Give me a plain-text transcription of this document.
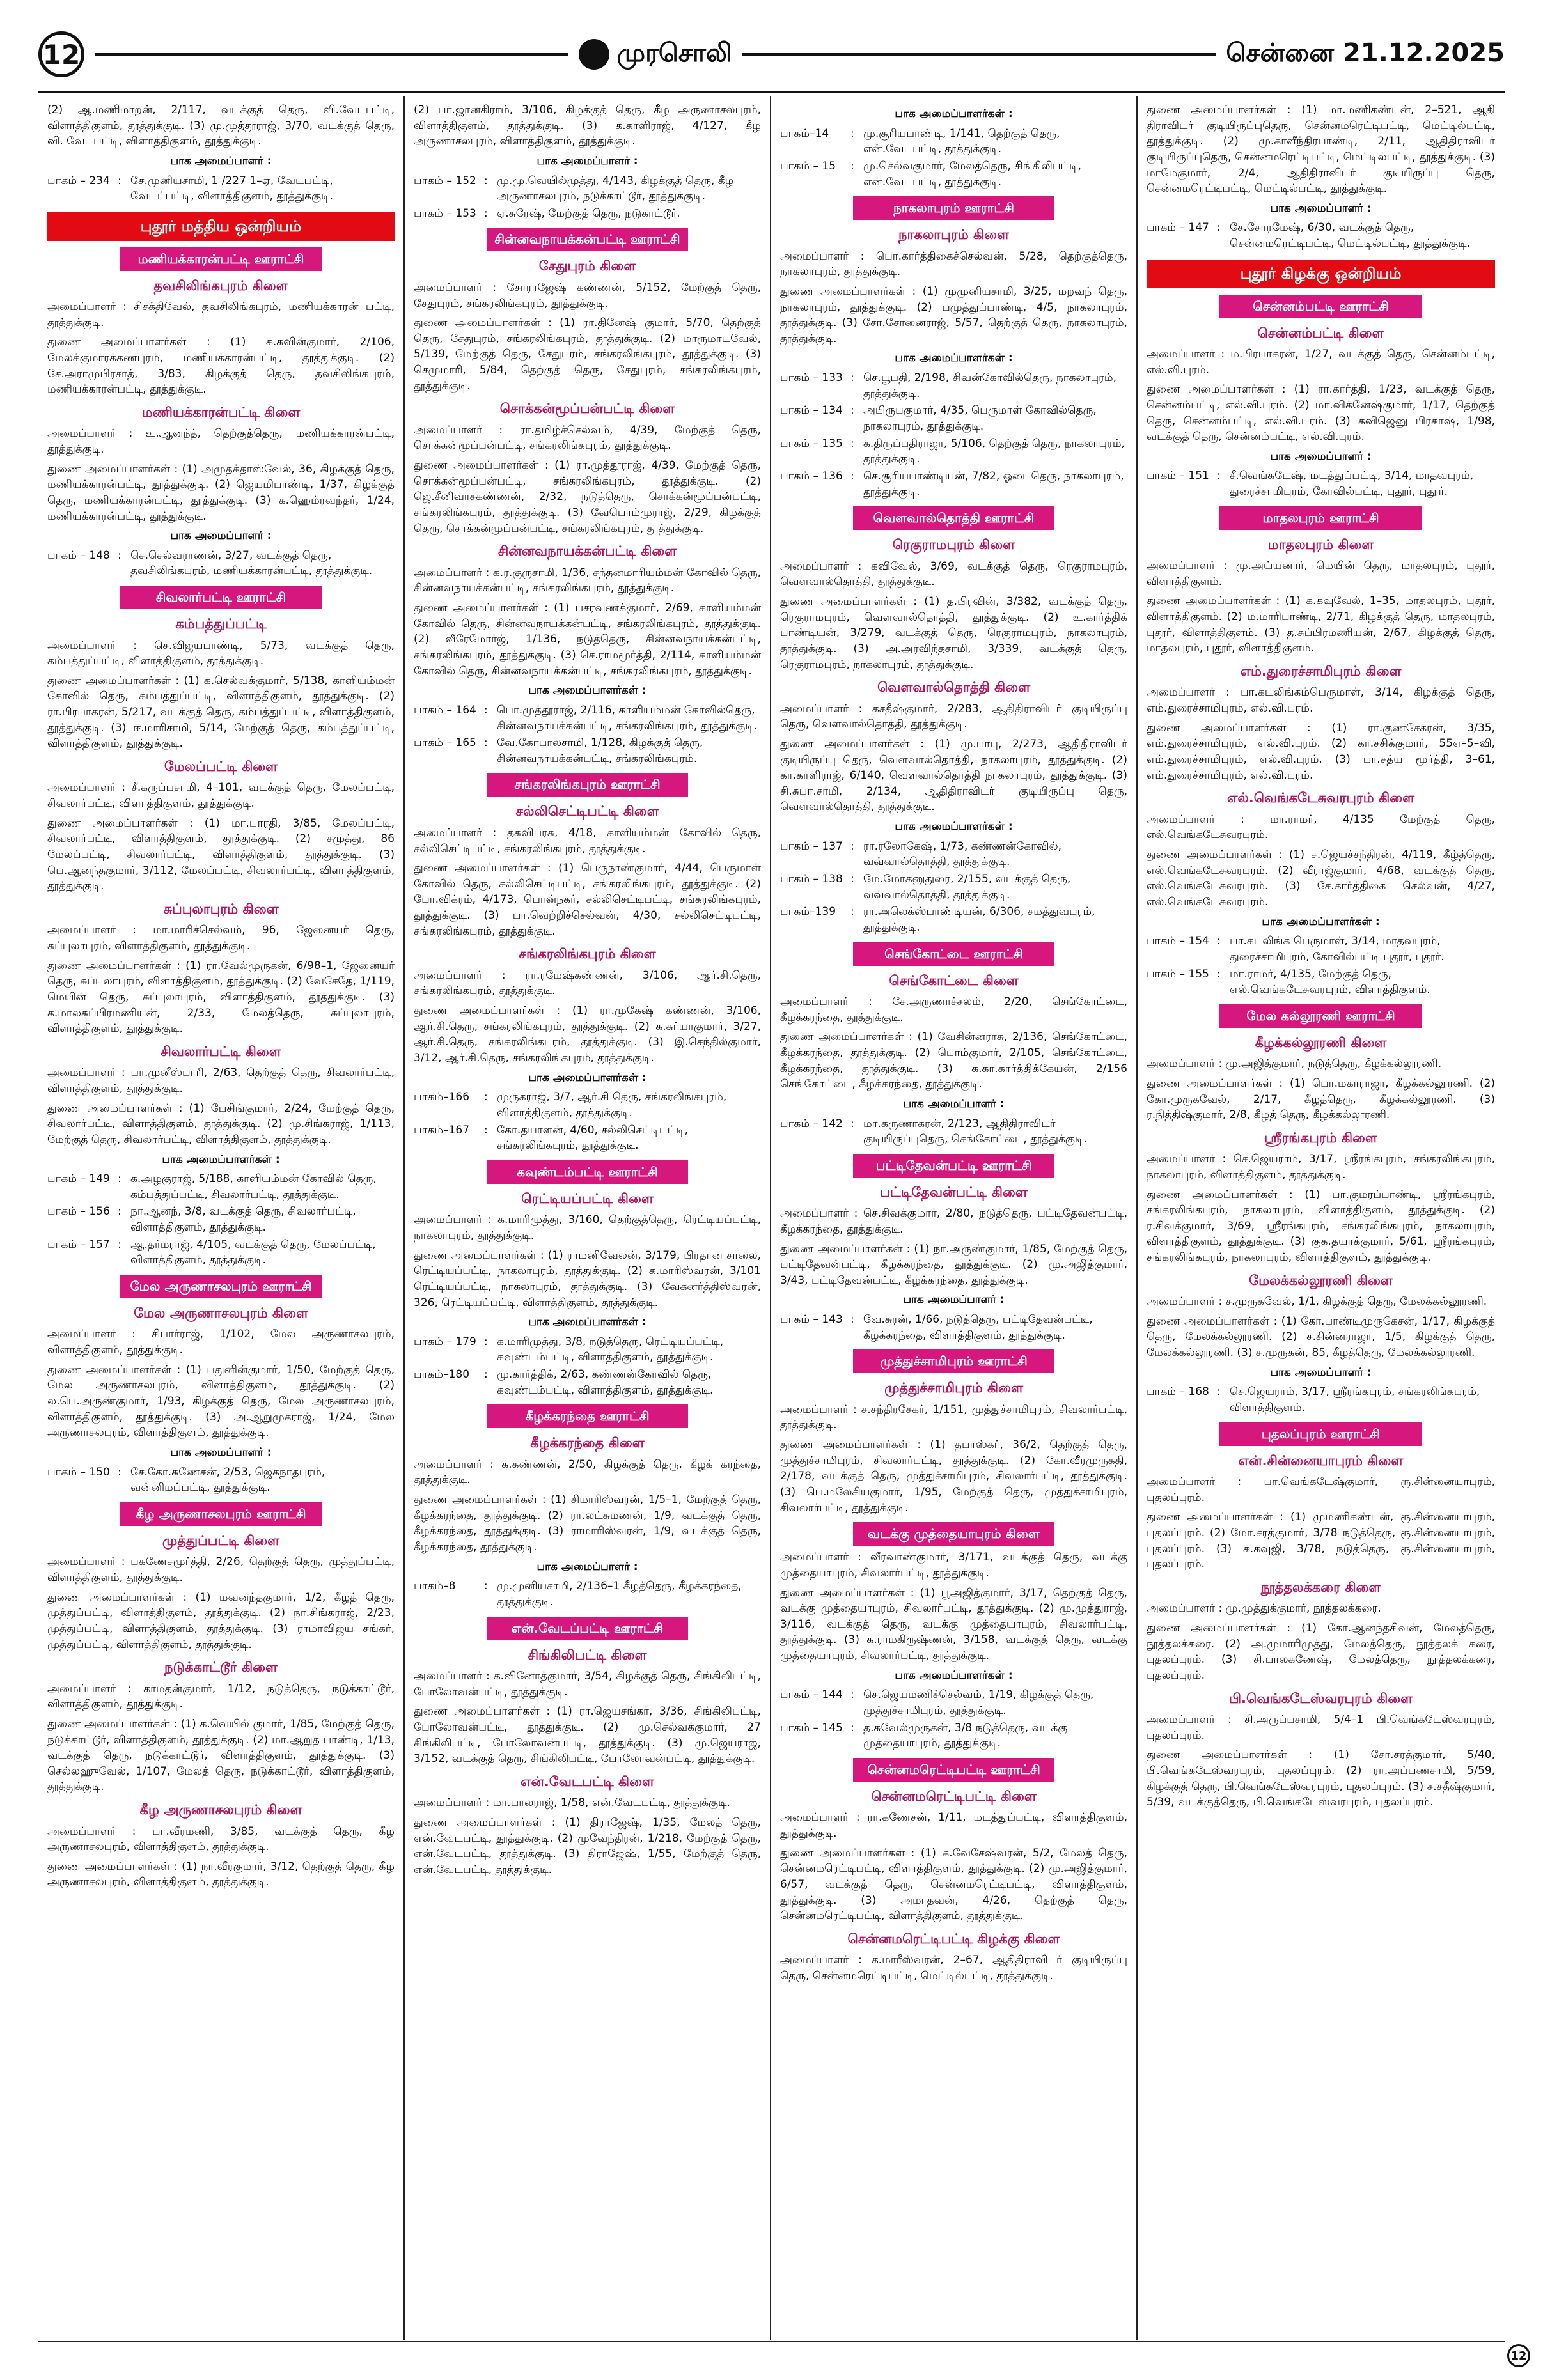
12	முரசொலி	சென்னை 21.12.2025
(2) ஆ.மணிமாறன், 2/117, வடக்குத் தெரு, வி.வேடபட்டி, விளாத்திகுளம், தூத்துக்குடி. (3) மு.முத்தூராஜ், 3/70, வடக்குத் தெரு, வி. வேடபட்டி, விளாத்திகுளம், தூத்துக்குடி.
பாக அமைப்பாளர் :
பாகம் – 234 : சே.முனியசாமி, 1 /227 1–ஏ, வேடபட்டி, வேடப்பட்டி, விளாத்திகுளம், தூத்துக்குடி.
புதூர் மத்திய ஒன்றியம்
மணியக்காரன்பட்டி ஊராட்சி
தவசிலிங்கபுரம் கிளை
அமைப்பாளர் : சிசக்திவேல், தவசிலிங்கபுரம், மணியக்காரன் பட்டி, தூத்துக்குடி.
துணை அமைப்பாளர்கள் : (1) க.சுவின்குமார், 2/106, மேலக்குமாரக்கணபுரம், மணியக்காரன்பட்டி, தூத்துக்குடி. (2) சே.அராமுபிரசாத், 3/83, கிழக்குத் தெரு, தவசிலிங்கபுரம், மணியக்காரன்பட்டி, தூத்துக்குடி.
மணியக்காரன்பட்டி கிளை
அமைப்பாளர் : உ.ஆனந்த், தெற்குத்தெரு, மணியக்காரன்பட்டி, தூத்துக்குடி.
துணை அமைப்பாளர்கள் : (1) அமுதக்தாஸ்வேல், 36, கிழக்குத் தெரு, மணியக்காரன்பட்டி, தூத்துக்குடி. (2) ஜெயமிபாண்டி, 1/37, கிழக்குத் தெரு, மணியக்காரன்பட்டி, தூத்துக்குடி. (3) க.ஹெம்ரவந்தர், 1/24, மணியக்காரன்பட்டி, தூத்துக்குடி.
பாக அமைப்பாளர் :
பாகம் – 148 : செ.செல்வராணன், 3/27, வடக்குத் தெரு, தவசிலிங்கபுரம், மணியக்காரன்பட்டி, தூத்துக்குடி.
சிவலார்பட்டி ஊராட்சி
கம்பத்துப்பட்டி
அமைப்பாளர் : செ.விஜயபாண்டி, 5/73, வடக்குத் தெரு, கம்பத்துப்பட்டி, விளாத்திகுளம், தூத்துக்குடி.
துணை அமைப்பாளர்கள் : (1) க.செல்வக்குமார், 5/138, காளியம்மன் கோவில் தெரு, கம்பத்துப்பட்டி, விளாத்திகுளம், தூத்துக்குடி. (2) ரா.பிரபாகரன், 5/217, வடக்குத் தெரு, கம்பத்துப்பட்டி, விளாத்திகுளம், தூத்துக்குடி. (3) ஈ.மாரிசாமி, 5/14, மேற்குத் தெரு, கம்பத்துப்பட்டி, விளாத்திகுளம், தூத்துக்குடி.
மேலப்பட்டி கிளை
அமைப்பாளர் : சீ.கருப்பசாமி, 4–101, வடக்குத் தெரு, மேலப்பட்டி, சிவலார்பட்டி, விளாத்திகுளம், தூத்துக்குடி.
துணை அமைப்பாளர்கள் : (1) மா.பாரதி, 3/85, மேலப்பட்டி, சிவலார்பட்டி, விளாத்திகுளம், தூத்துக்குடி. (2) சமுத்து, 86 மேலப்பட்டி, சிவலார்பட்டி, விளாத்திகுளம், தூத்துக்குடி. (3) பெ.ஆனந்தகுமார், 3/112, மேலப்பட்டி, சிவலார்பட்டி, விளாத்திகுளம், தூத்துக்குடி.
சுப்புலாபுரம் கிளை
அமைப்பாளர் : மா.மாரிச்செல்வம், 96, ஜேனையர் தெரு, சுப்புலாபுரம், விளாத்திகுளம், தூத்துக்குடி.
துணை அமைப்பாளர்கள் : (1) ரா.வேல்முருகன், 6/98–1, ஜேனையர் தெரு, சுப்புலாபுரம், விளாத்திகுளம், தூத்துக்குடி. (2) வேசேதே, 1/119, மெயின் தெரு, சுப்புலாபுரம், விளாத்திகுளம், தூத்துக்குடி. (3) க.மாலசுப்பிரமணியன், 2/33, மேலத்தெரு, சுப்புலாபுரம், விளாத்திகுளம், தூத்துக்குடி.
சிவலார்பட்டி கிளை
அமைப்பாளர் : பா.முனீஸ்பாரி, 2/63, தெற்குத் தெரு, சிவலார்பட்டி, விளாத்திகுளம், தூத்துக்குடி.
துணை அமைப்பாளர்கள் : (1) பேசிங்குமார், 2/24, மேற்குத் தெரு, சிவலார்பட்டி, விளாத்திகுளம், தூத்துக்குடி. (2) மு.சிங்கராஜ், 1/113, மேற்குத் தெரு, சிவலார்பட்டி, விளாத்திகுளம், தூத்துக்குடி.
பாக அமைப்பாளர்கள் :
பாகம் – 149 : க.அழகுராஜ், 5/188, காளியம்மன் கோவில் தெரு, கம்பத்துப்பட்டி, சிவலார்பட்டி, தூத்துக்குடி.
பாகம் – 156 : நா.ஆனந், 3/8, வடக்குத் தெரு, சிவலார்பட்டி, விளாத்திகுளம், தூத்துக்குடி.
பாகம் – 157 : ஆ.தர்மராஜ், 4/105, வடக்குத் தெரு, மேலப்பட்டி, விளாத்திகுளம், தூத்துக்குடி.
மேல அருணாசலபுரம் ஊராட்சி
மேல அருணாசலபுரம் கிளை
அமைப்பாளர் : சிபார்ராஜ், 1/102, மேல அருணாசலபுரம், விளாத்திகுளம், தூத்துக்குடி.
துணை அமைப்பாளர்கள் : (1) பதுனின்குமார், 1/50, மேற்குத் தெரு, மேல அருணாசலபுரம், விளாத்திகுளம், தூத்துக்குடி. (2) ல.பெ.அருண்குமார், 1/93, கிழக்குத் தெரு, மேல அருணாசலபுரம், விளாத்திகுளம், தூத்துக்குடி. (3) அ.ஆறுமுகராஜ், 1/24, மேல அருணாசலபுரம், விளாத்திகுளம், தூத்துக்குடி.
பாக அமைப்பாளர் :
பாகம் – 150 : சே.கோ.சுணேசன், 2/53, ஜெகநாதபுரம், வன்னிமப்பட்டி, தூத்துக்குடி.
கீழ அருணாசலபுரம் ஊராட்சி
முத்துப்பட்டி கிளை
அமைப்பாளர் : பகணேசமூர்த்தி, 2/26, தெற்குத் தெரு, முத்துப்பட்டி, விளாத்திகுளம், தூத்துக்குடி.
துணை அமைப்பாளர்கள் : (1) மவனந்தகுமார், 1/2, கீழத் தெரு, முத்துப்பட்டி, விளாத்திகுளம், தூத்துக்குடி. (2) நா.சிங்கராஜ், 2/23, முத்துப்பட்டி, விளாத்திகுளம், தூத்துக்குடி. (3) ராமாவிஜய சங்கர், முத்துப்பட்டி, விளாத்திகுளம், தூத்துக்குடி.
நடுக்காட்டூர் கிளை
அமைப்பாளர் : காமதன்குமார், 1/12, நடுத்தெரு, நடுக்காட்டூர், விளாத்திகுளம், தூத்துக்குடி.
துணை அமைப்பாளர்கள் : (1) க.வெயில் குமார், 1/85, மேற்குத் தெரு, நடுக்காட்டூர், விளாத்திகுளம், தூத்துக்குடி. (2) மா.ஆறுத பாண்டி, 1/13, வடக்குத் தெரு, நடுக்காட்டூர், விளாத்திகுளம், தூத்துக்குடி. (3) செல்லஹுவேல், 1/107, மேலத் தெரு, நடுக்காட்டூர், விளாத்திகுளம், தூத்துக்குடி.
கீழ அருணாசலபுரம் கிளை
அமைப்பாளர் : பா.வீரமணி, 3/85, வடக்குத் தெரு, கீழ அருணாசலபுரம், விளாத்திகுளம், தூத்துக்குடி.
துணை அமைப்பாளர்கள் : (1) நா.வீரகுமார், 3/12, தெற்குத் தெரு, கீழ அருணாசலபுரம், விளாத்திகுளம், தூத்துக்குடி.
(2) பா.ஜானகிராம், 3/106, கிழக்குத் தெரு, கீழ அருணாசலபுரம், விளாத்திகுளம், தூத்துக்குடி. (3) க.காளிராஜ், 4/127, கீழ அருணாசலபுரம், விளாத்திகுளம், தூத்துக்குடி.
பாக அமைப்பாளர் :
பாகம் – 152 : மு.மு.வெயில்முத்து, 4/143, கிழக்குத் தெரு, கீழ அருணாசலபுரம், நடுக்காட்டூர், தூத்துக்குடி.
பாகம் – 153 : ஏ.சுரேஷ், மேற்குத் தெரு, நடுகாட்டூர்.
சின்னவநாயக்கன்பட்டி ஊராட்சி
சேதுபுரம் கிளை
அமைப்பாளர் : சோராஜேஷ் கண்ணன், 5/152, மேற்குத் தெரு, சேதுபுரம், சங்கரலிங்கபுரம், தூத்துக்குடி.
துணை அமைப்பாளர்கள் : (1) ரா.தினேஷ் குமார், 5/70, தெற்குத் தெரு, சேதுபுரம், சங்கரலிங்கபுரம், தூத்துக்குடி. (2) மாருமாடவேல், 5/139, மேற்குத் தெரு, சேதுபுரம், சங்கரலிங்கபுரம், தூத்துக்குடி. (3) செமுமாரி, 5/84, தெற்குத் தெரு, சேதுபுரம், சங்கரலிங்கபுரம், தூத்துக்குடி.
சொக்கன்மூப்பன்பட்டி கிளை
அமைப்பாளர் : ரா.தமிழ்ச்செல்வம், 4/39, மேற்குத் தெரு, சொக்கன்மூப்பன்பட்டி, சங்கரலிங்கபுரம், தூத்துக்குடி.
துணை அமைப்பாளர்கள் : (1) ரா.முத்தூராஜ், 4/39, மேற்குத் தெரு, சொக்கன்மூப்பன்பட்டி, சங்கரலிங்கபுரம், தூத்துக்குடி. (2) ஜெ.சீனிவாசகண்ணன், 2/32, நடுத்தெரு, சொக்கன்மூப்பன்பட்டி, சங்கரலிங்கபுரம், தூத்துக்குடி. (3) வேபொம்முராஜ், 2/29, கிழக்குத் தெரு, சொக்கன்மூப்பன்பட்டி, சங்கரலிங்கபுரம், தூத்துக்குடி.
சின்னவநாயக்கன்பட்டி கிளை
அமைப்பாளர் : க.ர.குருசாமி, 1/36, சந்தனமாரியம்மன் கோவில் தெரு, சின்னவநாயக்கன்பட்டி, சங்கரலிங்கபுரம், தூத்துக்குடி.
துணை அமைப்பாளர்கள் : (1) பசரவணக்குமார், 2/69, காளியம்மன் கோவில் தெரு, சின்னவநாயக்கன்பட்டி, சங்கரலிங்கபுரம், தூத்துக்குடி. (2) வீரேமோர்ஜ், 1/136, நடுத்தெரு, சின்னவநாயக்கன்பட்டி, சங்கரலிங்கபுரம், தூத்துக்குடி. (3) செ.ராமமூர்த்தி, 2/114, காளியம்மன் கோவில் தெரு, சின்னவநாயக்கன்பட்டி, சங்கரலிங்கபுரம், தூத்துக்குடி.
பாக அமைப்பாளர்கள் :
பாகம் – 164 : பொ.முத்தூராஜ், 2/116, காளியம்மன் கோவில்தெரு, சின்னவநாயக்கன்பட்டி, சங்கரலிங்கபுரம், தூத்துக்குடி.
பாகம் – 165 : வே.கோபாலசாமி, 1/128, கிழக்குத் தெரு, சின்னவநாயக்கன்பட்டி, சங்கரலிங்கபுரம்.
சங்கரலிங்கபுரம் ஊராட்சி
சல்லிசெட்டிபட்டி கிளை
அமைப்பாளர் : தசுவிபரசு, 4/18, காளியம்மன் கோவில் தெரு, சல்லிசெட்டிபட்டி, சங்கரலிங்கபுரம், தூத்துக்குடி.
துணை அமைப்பாளர்கள் : (1) பெருநாண்குமார், 4/44, பெருமாள் கோவில் தெரு, சல்லிசெட்டிபட்டி, சங்கரலிங்கபுரம், தூத்துக்குடி. (2) போ.விக்ரம், 4/173, பொன்நகர், சல்லிசெட்டிபட்டி, சங்கரலிங்கபுரம், தூத்துக்குடி. (3) பா.வெற்றிச்செல்வன், 4/30, சல்லிசெட்டிபட்டி, சங்கரலிங்கபுரம், தூத்துக்குடி.
சங்கரலிங்கபுரம் கிளை
அமைப்பாளர் : ரா.ரமேஷ்கண்ணன், 3/106, ஆர்.சி.தெரு, சங்கரலிங்கபுரம், தூத்துக்குடி.
துணை அமைப்பாளர்கள் : (1) ரா.முகேஷ் கண்ணன், 3/106, ஆர்.சி.தெரு, சங்கரலிங்கபுரம், தூத்துக்குடி. (2) க.சுர்யாகுமார், 3/27, ஆர்.சி.தெரு, சங்கரலிங்கபுரம், தூத்துக்குடி. (3) இ.செந்தில்குமார், 3/12, ஆர்.சி.தெரு, சங்கரலிங்கபுரம், தூத்துக்குடி.
பாக அமைப்பாளர்கள் :
பாகம்–166	: முருகராஜ், 3/7, ஆர்.சி தெரு, சங்கரலிங்கபுரம், விளாத்திகுளம், தூத்துக்குடி.
பாகம்–167	: கோ.தயாளன், 4/60, சல்லிசெட்டிபட்டி, சங்கரலிங்கபுரம், தூத்துக்குடி.
கவுண்டம்பட்டி ஊராட்சி
ரெட்டியப்பட்டி கிளை
அமைப்பாளர் : க.மாரிமுத்து, 3/160, தெற்குத்தெரு, ரெட்டியப்பட்டி, நாகலாபுரம், தூத்துக்குடி.
துணை அமைப்பாளர்கள் : (1) ராமனிவேலன், 3/179, பிரதான சாலை, ரெட்டியப்பட்டி, நாகலாபுரம், தூத்துக்குடி. (2) க.மாரிஸ்வரன், 3/101 ரெட்டியப்பட்டி, நாகலாபுரம், தூத்துக்குடி. (3) வேகனர்த்திஸ்வரன், 326, ரெட்டியப்பட்டி, விளாத்திகுளம், தூத்துக்குடி.
பாக அமைப்பாளர்கள் :
பாகம் – 179 : க.மாரிமுத்து, 3/8, நடுத்தெரு, ரெட்டியப்பட்டி, கவுண்டம்பட்டி, விளாத்திகுளம், தூத்துக்குடி.
பாகம்–180	: மு.கார்த்திக், 2/63, கண்ணன்கோவில் தெரு, கவுண்டம்பட்டி, விளாத்திகுளம், தூத்துக்குடி.
கீழக்கரந்தை ஊராட்சி
கீழக்கரந்தை கிளை
அமைப்பாளர் : க.கண்ணன், 2/50, கிழக்குத் தெரு, கீழக் கரந்தை, தூத்துக்குடி.
துணை அமைப்பாளர்கள் : (1) சிமாரிஸ்வரன், 1/5–1, மேற்குத் தெரு, கீழக்கரந்தை, தூத்துக்குடி. (2) ரா.லட்சுமணன், 1/9, வடக்குத் தெரு, கீழக்கரந்தை, தூத்துக்குடி. (3) ராமாரிஸ்வரன், 1/9, வடக்குத் தெரு, கீழக்கரந்தை, தூத்துக்குடி.
பாக அமைப்பாளர் :
பாகம்–8	: மு.முனியசாமி, 2/136–1 கீழத்தெரு, கீழக்கரந்தை, தூத்துக்குடி.
என்.வேடப்பட்டி ஊராட்சி
சிங்கிலிபட்டி கிளை
அமைப்பாளர் : க.வினோத்குமார், 3/54, கிழக்குத் தெரு, சிங்கிலிபட்டி, போலோவன்பட்டி, தூத்துக்குடி.
துணை அமைப்பாளர்கள் : (1) ரா.ஜெயசங்கர், 3/36, சிங்கிலிபட்டி, போலோவன்பட்டி, தூத்துக்குடி. (2) மு.செல்வக்குமார், 27 சிங்கிலிபட்டி, போலோவன்பட்டி, தூத்துக்குடி. (3) மு.ஜெயராஜ், 3/152, வடக்குத் தெரு, சிங்கிலிபட்டி, போலோவன்பட்டி, தூத்துக்குடி.
என்.வேடபட்டி கிளை
அமைப்பாளர் : மா.பாலராஜ், 1/58, என்.வேடபட்டி, தூத்துக்குடி.
துணை அமைப்பாளர்கள் : (1) திராஜேஷ், 1/35, மேலத் தெரு, என்.வேடபட்டி, தூத்துக்குடி. (2) முவேந்திரன், 1/218, மேற்குத் தெரு, என்.வேடபட்டி, தூத்துக்குடி. (3) திராஜேஷ், 1/55, மேற்குத் தெரு, என்.வேடபட்டி, தூத்துக்குடி.
பாக அமைப்பாளர்கள் :
பாகம்–14	: மு.சூரியபாண்டி, 1/141, தெற்குத் தெரு, என்.வேடபட்டி, தூத்துக்குடி.
பாகம் – 15	: மு.செல்வகுமார், மேலத்தெரு, சிங்கிலிபட்டி, என்.வேடபட்டி, தூத்துக்குடி.
நாகலாபுரம் ஊராட்சி
நாகலாபுரம் கிளை
அமைப்பாளர் : பொ.கார்த்திகைச்செல்வன், 5/28, தெற்குத்தெரு, நாகலாபுரம், தூத்துக்குடி.
துணை அமைப்பாளர்கள் : (1) முமுனியசாமி, 3/25, மறவந் தெரு, நாகலாபுரம், தூத்துக்குடி. (2) பமுத்துப்பாண்டி, 4/5, நாகலாபுரம், தூத்துக்குடி. (3) சோ.சோனைராஜ், 5/57, தெற்குத் தெரு, நாகலாபுரம், தூத்துக்குடி.
பாக அமைப்பாளர்கள் :
பாகம் – 133 : செ.பூபதி, 2/198, சிவன்கோவில்தெரு, நாகலாபுரம், தூத்துக்குடி.
பாகம் – 134 : அபிருபகுமார், 4/35, பெருமாள் கோவில்தெரு, நாகலாபுரம், தூத்துக்குடி.
பாகம் – 135 : க.திருப்பதிராஜா, 5/106, தெற்குத் தெரு, நாகலாபுரம், தூத்துக்குடி.
பாகம் – 136 : செ.சூரியபாண்டியன், 7/82, ஓடைதெரு, நாகலாபுரம், தூத்துக்குடி.
வெளவால்தொத்தி ஊராட்சி
ரெகுராமபுரம் கிளை
அமைப்பாளர் : கவிவேல், 3/69, வடக்குத் தெரு, ரெகுராமபுரம், வெளவால்தொத்தி, தூத்துக்குடி.
துணை அமைப்பாளர்கள் : (1) த.பிரவின், 3/382, வடக்குத் தெரு, ரெகுராமபுரம், வெளவால்தொத்தி, தூத்துக்குடி. (2) உ.கார்த்திக் பாண்டியன், 3/279, வடக்குத் தெரு, ரெகுராமபுரம், நாகலாபுரம், தூத்துக்குடி. (3) அ.அரவிந்தசாமி, 3/339, வடக்குத் தெரு, ரெகுராமபுரம், நாகலாபுரம், தூத்துக்குடி.
வெளவால்தொத்தி கிளை
அமைப்பாளர் : கசதீஷ்குமார், 2/283, ஆதிதிராவிடர் குடியிருப்பு தெரு, வெளவால்தொத்தி, தூத்துக்குடி.
துணை அமைப்பாளர்கள் : (1) மு.பாபு, 2/273, ஆதிதிராவிடர் குடியிருப்பு தெரு, வெளவால்தொத்தி, நாகலாபுரம், தூத்துக்குடி. (2) கா.காளிராஜ், 6/140, வெளவால்தொத்தி நாகலாபுரம், தூத்துக்குடி. (3) சி.சுபா.சாமி, 2/134, ஆதிதிராவிடர் குடியிருப்பு தெரு, வெளவால்தொத்தி, தூத்துக்குடி.
பாக அமைப்பாளர்கள் :
பாகம் – 137 : ரா.ரலோகேஷ், 1/73, கண்ணன்கோவில், வவ்வால்தொத்தி, தூத்துக்குடி.
பாகம் – 138 : மே.மோகனுதுரை, 2/155, வடக்குத் தெரு, வவ்வால்தொத்தி, தூத்துக்குடி.
பாகம்–139	: ரா.அலெக்ஸ்பாண்டியன், 6/306, சமத்துவபுரம், தூத்துக்குடி.
செங்கோட்டை ஊராட்சி
செங்கோட்டை கிளை
அமைப்பாளர் : சே.அருணாச்சலம், 2/20, செங்கோட்டை, கீழக்கரந்தை, தூத்துக்குடி.
துணை அமைப்பாளர்கள் : (1) வேசின்னராசு, 2/136, செங்கோட்டை, கீழக்கரந்தை, தூத்துக்குடி. (2) பொம்குமார், 2/105, செங்கோட்டை, கீழக்கரந்தை, தூத்துக்குடி. (3) க.கா.கார்த்திக்கேயன், 2/156 செங்கோட்டை, கீழக்கரந்தை, தூத்துக்குடி.
பாக அமைப்பாளர் :
பாகம் – 142 : மா.கருணாகரன், 2/123, ஆதிதிராவிடர் குடியிருப்புதெரு, செங்கோட்டை, தூத்துக்குடி.
பட்டிதேவன்பட்டி ஊராட்சி
பட்டிதேவன்பட்டி கிளை
அமைப்பாளர் : செ.சிவக்குமார், 2/80, நடுத்தெரு, பட்டிதேவன்பட்டி, கீழக்கரந்தை, தூத்துக்குடி.
துணை அமைப்பாளர்கள் : (1) நா.அருண்குமார், 1/85, மேற்குத் தெரு, பட்டிதேவன்பட்டி, கீழக்கரந்தை, தூத்துக்குடி. (2) மு.அஜித்குமார், 3/43, பட்டிதேவன்பட்டி, கீழக்கரந்தை, தூத்துக்குடி.
பாக அமைப்பாளர் :
பாகம் – 143 : வே.சுரன், 1/66, நடுத்தெரு, பட்டிதேவன்பட்டி, கீழக்கரந்தை, விளாத்திகுளம், தூத்துக்குடி.
முத்துச்சாமிபுரம் ஊராட்சி
முத்துச்சாமிபுரம் கிளை
அமைப்பாளர் : ச.சந்திரசேகர், 1/151, முத்துச்சாமிபுரம், சிவலார்பட்டி, தூத்துக்குடி.
துணை அமைப்பாளர்கள் : (1) தபாஸ்கர், 36/2, தெற்குத் தெரு, முத்துச்சாமிபுரம், சிவலார்பட்டி, தூத்துக்குடி. (2) கோ.வீரமுருகதி, 2/178, வடக்குத் தெரு, முத்துச்சாமிபுரம், சிவலார்பட்டி, தூத்துக்குடி. (3) பெ.மலேசியகுமார், 1/95, மேற்குத் தெரு, முத்துச்சாமிபுரம், சிவலார்பட்டி, தூத்துக்குடி.
வடக்கு முத்தையாபுரம் கிளை
அமைப்பாளர் : வீரவாண்குமார், 3/171, வடக்குத் தெரு, வடக்கு முத்தையாபுரம், சிவலார்பட்டி, தூத்துக்குடி.
துணை அமைப்பாளர்கள் : (1) பூஅஜித்குமார், 3/17, தெற்குத் தெரு, வடக்கு முத்தையாபுரம், சிவலார்பட்டி, தூத்துக்குடி. (2) மு.முத்துராஜ், 3/116, வடக்குத் தெரு, வடக்கு முத்தையாபுரம், சிவலார்பட்டி, தூத்துக்குடி. (3) க.ராமகிருஷ்ணன், 3/158, வடக்குத் தெரு, வடக்கு முத்தையாபுரம், சிவலார்பட்டி, தூத்துக்குடி.
பாக அமைப்பாளர்கள் :
பாகம் – 144 : செ.ஜெயமணிச்செல்வம், 1/19, கிழக்குத் தெரு, முத்துச்சாமிபுரம், தூத்துக்குடி.
பாகம் – 145 : த.சுவேல்முருகன், 3/8 நடுத்தெரு, வடக்கு முத்தையாபுரம், தூத்துக்குடி.
சென்னமரெட்டிபட்டி ஊராட்சி
சென்னமரெட்டிபட்டி கிளை
அமைப்பாளர் : ரா.கணேசன், 1/11, மடத்துப்பட்டி, விளாத்திகுளம், தூத்துக்குடி.
துணை அமைப்பாளர்கள் : (1) க.வேசேஷ்வரன், 5/2, மேலத் தெரு, சென்னமரெட்டிபட்டி, விளாத்திகுளம், தூத்துக்குடி. (2) மு.அஜித்குமார், 6/57, வடக்குத் தெரு, சென்னமரெட்டிபட்டி, விளாத்திகுளம், தூத்துக்குடி. (3) அமாதவன், 4/26, தெற்குத் தெரு, சென்னமரெட்டிபட்டி, விளாத்திகுளம், தூத்துக்குடி.
சென்னமரெட்டிபட்டி கிழக்கு கிளை
அமைப்பாளர் : க.மாரீஸ்வரன், 2–67, ஆதிதிராவிடர் குடியிருப்பு தெரு, சென்னமரெட்டிபட்டி, மெட்டில்பட்டி, தூத்துக்குடி.
துணை அமைப்பாளர்கள் : (1) மா.மணிகண்டன், 2–521, ஆதி திராவிடர் குடியிருப்புதெரு, சென்னமரெட்டிபட்டி, மெட்டில்பட்டி, தூத்துக்குடி. (2) மு.காளீந்திரபாண்டி, 2/11, ஆதிதிராவிடர் குடியிருப்புதெரு, சென்னமரெட்டிபட்டி, மெட்டில்பட்டி, தூத்துக்குடி. (3) மாமேகுமார், 2/4, ஆதிதிராவிடர் குடியிருப்பு தெரு, சென்னமரெட்டிபட்டி, மெட்டில்பட்டி, தூத்துக்குடி.
பாக அமைப்பாளர் :
பாகம் – 147 : சே.சோரமேஷ், 6/30, வடக்குத் தெரு, சென்னமரெட்டிபட்டி, மெட்டில்பட்டி, தூத்துக்குடி.
புதூர் கிழக்கு ஒன்றியம்
சென்னம்பட்டி ஊராட்சி
சென்னம்பட்டி கிளை
அமைப்பாளர் : ம.பிரபாகரன், 1/27, வடக்குத் தெரு, சென்னம்பட்டி, எல்.வி.புரம்.
துணை அமைப்பாளர்கள் : (1) ரா.கார்த்தி, 1/23, வடக்குத் தெரு, சென்னம்பட்டி, எல்.வி.புரம். (2) மா.விக்னேஷ்குமார், 1/17, தெற்குத் தெரு, சென்னம்பட்டி, எல்.வி.புரம். (3) கவிஜெனு பிரகாஷ், 1/98, வடக்குத் தெரு, சென்னம்பட்டி, எல்.வி.புரம்.
பாக அமைப்பாளர் :
பாகம் – 151 : சீ.வெங்கடேஷ், மடத்துப்பட்டி, 3/14, மாதவபுரம், துரைச்சாமிபுரம், கோவில்பட்டி, புதூர், புதூர்.
மாதலபுரம் ஊராட்சி
மாதலபுரம் கிளை
அமைப்பாளர் : மு.அய்யனார், மெயின் தெரு, மாதலபுரம், புதூர், விளாத்திகுளம்.
துணை அமைப்பாளர்கள் : (1) க.கவுவேல், 1–35, மாதலபுரம், புதூர், விளாத்திகுளம். (2) ம.மாரிபாண்டி, 2/71, கிழக்குத் தெரு, மாதலபுரம், புதூர், விளாத்திகுளம். (3) த.சுப்பிரமணியன், 2/67, கிழக்குத் தெரு, மாதலபுரம், புதூர், விளாத்திகுளம்.
எம்.துரைச்சாமிபுரம் கிளை
அமைப்பாளர் : பா.கடலிங்கம்பெருமாள், 3/14, கிழக்குத் தெரு, எம்.துரைச்சாமிபுரம், எல்.வி.புரம்.
துணை அமைப்பாளர்கள் : (1) ரா.குணசேகரன், 3/35, எம்.துரைச்சாமிபுரம், எல்.வி.புரம். (2) கா.சசிக்குமார், 55எ–5–வி, எம்.துரைச்சாமிபுரம், எல்.வி.புரம். (3) பா.சத்ய மூர்த்தி, 3–61, எம்.துரைச்சாமிபுரம், எல்.வி.புரம்.
எல்.வெங்கடேசுவரபுரம் கிளை
அமைப்பாளர் : மா.ராமர், 4/135 மேற்குத் தெரு, எல்.வெங்கடேசுவரபுரம்.
துணை அமைப்பாளர்கள் : (1) ச.ஜெயச்சந்திரன், 4/119, கீழ்த்தெரு, எல்.வெங்கடேசுவரபுரம். (2) வீராஜ்குமார், 4/68, வடக்குத் தெரு, எல்.வெங்கடேசுவரபுரம். (3) சே.கார்த்திகை செல்வன், 4/27, எல்.வெங்கடேசுவரபுரம்.
பாக அமைப்பாளர்கள் :
பாகம் – 154 : பா.கடலிங்க பெருமாள், 3/14, மாதவபுரம், துரைச்சாமிபுரம், கோவில்பட்டி புதூர், புதூர்.
பாகம் – 155 : மா.ராமர், 4/135, மேற்குத் தெரு, எல்.வெங்கடேசுவரபுரம், விளாத்திகுளம்.
மேல கல்லூரணி ஊராட்சி
கீழக்கல்லூரணி கிளை
அமைப்பாளர் : மு.அஜித்குமார், நடுத்தெரு, கீழக்கல்லூரணி.
துணை அமைப்பாளர்கள் : (1) பொ.மகாராஜா, கீழக்கல்லூரணி. (2) கோ.முருகவேல், 2/17, கீழத்தெரு, கீழக்கல்லூரணி. (3) ர.நித்திஷ்குமார், 2/8, கீழத் தெரு, கீழக்கல்லூரணி.
ஸ்ரீரங்கபுரம் கிளை
அமைப்பாளர் : செ.ஜெயராம், 3/17, ஸ்ரீரங்கபுரம், சங்கரலிங்கபுரம், நாகலாபுரம், விளாத்திகுளம், தூத்துக்குடி.
துணை அமைப்பாளர்கள் : (1) பா.குமரப்பாண்டி, ஸ்ரீரங்கபுரம், சங்கரலிங்கபுரம், நாகலாபுரம், விளாத்திகுளம், தூத்துக்குடி. (2) ர.சிவக்குமார், 3/69, ஸ்ரீரங்கபுரம், சங்கரலிங்கபுரம், நாகலாபுரம், விளாத்திகுளம், தூத்துக்குடி. (3) குக.தயாக்குமார், 5/61, ஸ்ரீரங்கபுரம், சங்கரலிங்கபுரம், நாகலாபுரம், விளாத்திகுளம், தூத்துக்குடி.
மேலக்கல்லூரணி கிளை
அமைப்பாளர் : ச.முருகவேல், 1/1, கிழக்குத் தெரு, மேலக்கல்லூரணி.
துணை அமைப்பாளர்கள் : (1) கோ.பாண்டிமுருகேசன், 1/17, கிழக்குத் தெரு, மேலக்கல்லூரணி. (2) ச.சின்னராஜா, 1/5, கிழக்குத் தெரு, மேலக்கல்லூரணி. (3) ச.முருகன், 85, கீழத்தெரு, மேலக்கல்லூரணி.
பாக அமைப்பாளர் :
பாகம் – 168 : செ.ஜெயராம், 3/17, ஸ்ரீரங்கபுரம், சங்கரலிங்கபுரம், விளாத்திகுளம்.
புதலப்புரம் ஊராட்சி
என்.சின்னையாபுரம் கிளை
அமைப்பாளர் : பா.வெங்கடேஷ்குமார், ரூ.சின்னையாபுரம், புதலப்புரம்.
துணை அமைப்பாளர்கள் : (1) முமணிகண்டன், ரூ.சின்னையாபுரம், புதலப்புரம். (2) மோ.சரத்குமார், 3/78 நடுத்தெரு, ரூ.சின்னையாபுரம், புதலப்புரம். (3) க.கவுஜி, 3/78, நடுத்தெரு, ரூ.சின்னையாபுரம், புதலப்புரம்.
நூத்தலக்கரை கிளை
அமைப்பாளர் : மு.முத்துக்குமார், நூத்தலக்கரை.
துணை அமைப்பாளர்கள் : (1) கோ.ஆனந்தசிவன், மேலத்தெரு, நூத்தலக்கரை. (2) அ.முமாரிமுத்து, மேலத்தெரு, நூத்தலக் கரை, புதலப்புரம். (3) சி.பாலகணேஷ், மேலத்தெரு, நூத்தலக்கரை, புதலப்புரம்.
பி.வெங்கடேஸ்வரபுரம் கிளை
அமைப்பாளர் : சி.அருப்பசாமி, 5/4–1 பி.வெங்கடேஸ்வரபுரம், புதலப்புரம்.
துணை அமைப்பாளர்கள் : (1) சோ.சரத்குமார், 5/40, பி.வெங்கடேஸ்வரபுரம், புதலப்புரம். (2) ரா.அப்பணசாமி, 5/59, கிழக்குத் தெரு, பி.வெங்கடேஸ்வரபுரம், புதலப்புரம். (3) ச.சதீஷ்குமார், 5/39, வடக்குத்தெரு, பி.வெங்கடேஸ்வரபுரம், புதலப்புரம்.
12
